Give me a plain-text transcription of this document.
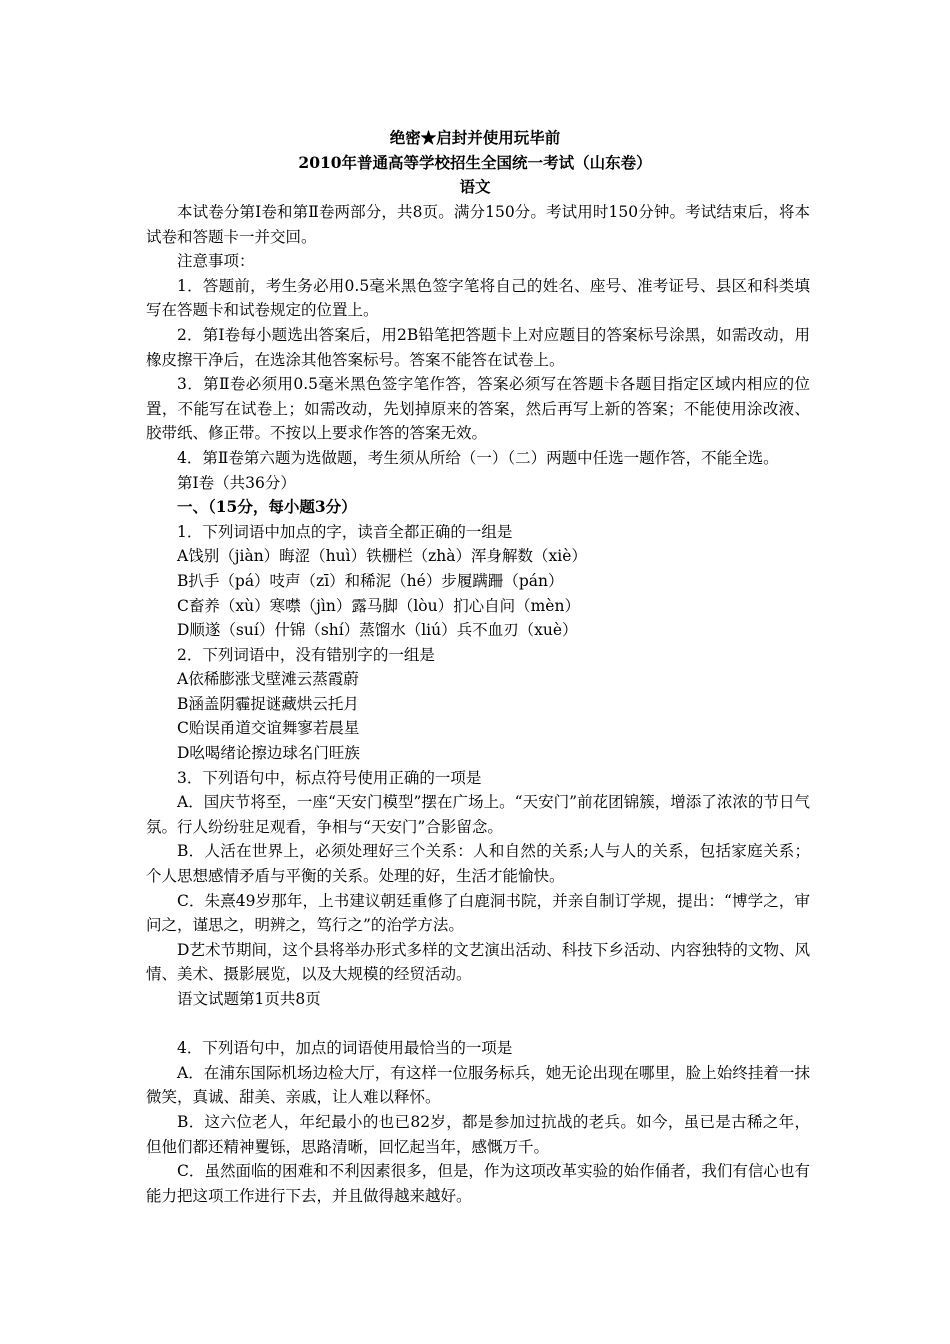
绝密★启封并使用玩毕前
2010年普通高等学校招生全国统一考试（山东卷）
语文

本试卷分第Ⅰ卷和第Ⅱ卷两部分，共8页。满分150分。考试用时150分钟。考试结束后，将本试卷和答题卡一并交回。

注意事项：

1．答题前，考生务必用0.5毫米黑色签字笔将自己的姓名、座号、准考证号、县区和科类填写在答题卡和试卷规定的位置上。

2．第Ⅰ卷每小题选出答案后，用2B铅笔把答题卡上对应题目的答案标号涂黑，如需改动，用橡皮擦干净后，在选涂其他答案标号。答案不能答在试卷上。

3．第Ⅱ卷必须用0.5毫米黑色签字笔作答，答案必须写在答题卡各题目指定区域内相应的位置，不能写在试卷上；如需改动，先划掉原来的答案，然后再写上新的答案；不能使用涂改液、胶带纸、修正带。不按以上要求作答的答案无效。

4．第Ⅱ卷第六题为选做题，考生须从所给（一）（二）两题中任选一题作答，不能全选。

第Ⅰ卷（共36分）

一、（15分，每小题3分）

1．下列词语中加点的字，读音全都正确的一组是

A饯别（jiàn）晦涩（huì）铁栅栏（zhà）浑身解数（xiè）

B扒手（pá）吱声（zī）和稀泥（hé）步履蹒跚（pán）

C畜养（xù）寒噤（jìn）露马脚（lòu）扪心自问（mèn）

D顺遂（suí）什锦（shí）蒸馏水（liú）兵不血刃（xuè）

2．下列词语中，没有错别字的一组是

A依稀膨涨戈壁滩云蒸霞蔚

B涵盖阴霾捉谜藏烘云托月

C贻误甬道交谊舞寥若晨星

D吆喝绪论擦边球名门旺族

3．下列语句中，标点符号使用正确的一项是

A．国庆节将至，一座“天安门模型”摆在广场上。“天安门”前花团锦簇，增添了浓浓的节日气氛。行人纷纷驻足观看，争相与“天安门”合影留念。

B．人活在世界上，必须处理好三个关系：人和自然的关系;人与人的关系，包括家庭关系；个人思想感情矛盾与平衡的关系。处理的好，生活才能愉快。

C．朱熹49岁那年，上书建议朝廷重修了白鹿洞书院，并亲自制订学规，提出：“博学之，审问之，谨思之，明辨之，笃行之”的治学方法。

D艺术节期间，这个县将举办形式多样的文艺演出活动、科技下乡活动、内容独特的文物、风情、美术、摄影展览，以及大规模的经贸活动。

语文试题第1页共8页

4．下列语句中，加点的词语使用最恰当的一项是

A．在浦东国际机场边检大厅，有这样一位服务标兵，她无论出现在哪里，脸上始终挂着一抹微笑，真诚、甜美、亲戚，让人难以释怀。

B．这六位老人，年纪最小的也已82岁，都是参加过抗战的老兵。如今，虽已是古稀之年，但他们都还精神矍铄，思路清晰，回忆起当年，感慨万千。

C．虽然面临的困难和不利因素很多，但是，作为这项改革实验的始作俑者，我们有信心也有能力把这项工作进行下去，并且做得越来越好。
